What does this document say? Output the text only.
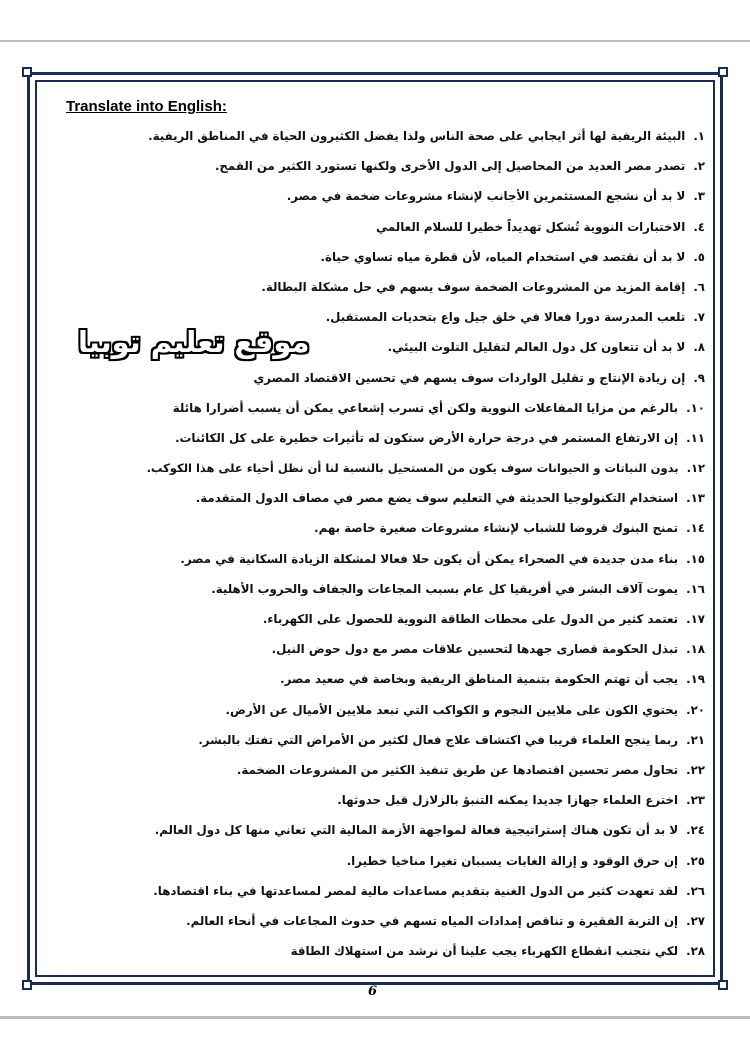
Translate into English:
١.البيئة الريفية لها أثر ايجابي على صحة الناس ولذا يفضل الكثيرون الحياة في المناطق الريفية.
٢.تصدر مصر العديد من المحاصيل إلى الدول الأخرى ولكنها تستورد الكثير من القمح.
٣.لا بد أن نشجع المستثمرين الأجانب لإنشاء مشروعات ضخمة في مصر.
٤.الاختبارات النووية تُشكل تهديداً خطيرا للسلام العالمي
٥.لا بد أن نقتصد في استخدام المياه، لأن قطرة مياه تساوي حياة.
٦.إقامة المزيد من المشروعات الضخمة سوف يسهم في حل مشكلة البطالة.
٧.تلعب المدرسة دورا فعالا في خلق جيل واع بتحديات المستقبل.
٨.لا بد أن تتعاون كل دول العالم لتقليل التلوث البيئي.
٩.إن زيادة الإنتاج و تقليل الواردات سوف يسهم في تحسين الاقتصاد المصري
١٠.بالرغم من مزايا المفاعلات النووية ولكن أي تسرب إشعاعي يمكن أن يسبب أضرارا هائلة
١١.إن الارتفاع المستمر في درجة حرارة الأرض ستكون له تأثيرات خطيرة على كل الكائنات.
١٢.بدون النباتات و الحيوانات سوف يكون من المستحيل بالنسبة لنا أن نظل أحياء على هذا الكوكب.
١٣.استخدام التكنولوجيا الحديثة في التعليم سوف يضع مصر في مصاف الدول المتقدمة.
١٤.تمنح البنوك قروضا للشباب لإنشاء مشروعات صغيرة خاصة بهم.
١٥.بناء مدن جديدة في الصحراء يمكن أن يكون حلا فعالا لمشكلة الزيادة السكانية في مصر.
١٦.يموت آلاف البشر في أفريقيا كل عام بسبب المجاعات والجفاف والحروب الأهلية.
١٧.تعتمد كثير من الدول على محطات الطاقة النووية للحصول على الكهرباء.
١٨.تبذل الحكومة قصارى جهدها لتحسين علاقات مصر مع دول حوض النيل.
١٩.يجب أن تهتم الحكومة بتنمية المناطق الريفية وبخاصة في صعيد مصر.
٢٠.يحتوي الكون على ملايين النجوم و الكواكب التي تبعد ملايين الأميال عن الأرض.
٢١.ربما ينجح العلماء قريبا في اكتشاف علاج فعال لكثير من الأمراض التي تفتك بالبشر.
٢٢.تحاول مصر تحسين اقتصادها عن طريق تنفيذ الكثير من المشروعات الضخمة.
٢٣.اخترع العلماء جهازا جديدا يمكنه التنبؤ بالزلازل قبل حدوثها.
٢٤.لا بد أن تكون هناك إستراتيجية فعالة لمواجهة الأزمة المالية التي تعاني منها كل دول العالم.
٢٥.إن حرق الوقود و إزالة الغابات يسببان تغيرا مناخيا خطيرا.
٢٦.لقد تعهدت كثير من الدول الغنية بتقديم مساعدات مالية لمصر لمساعدتها في بناء اقتصادها.
٢٧.إن التربة الفقيرة و تناقص إمدادات المياه تسهم في حدوث المجاعات في أنحاء العالم.
٢٨.لكي نتجنب انقطاع الكهرباء يجب علينا أن نرشد من استهلاك الطاقة
موقع تعليم توبيا
6
